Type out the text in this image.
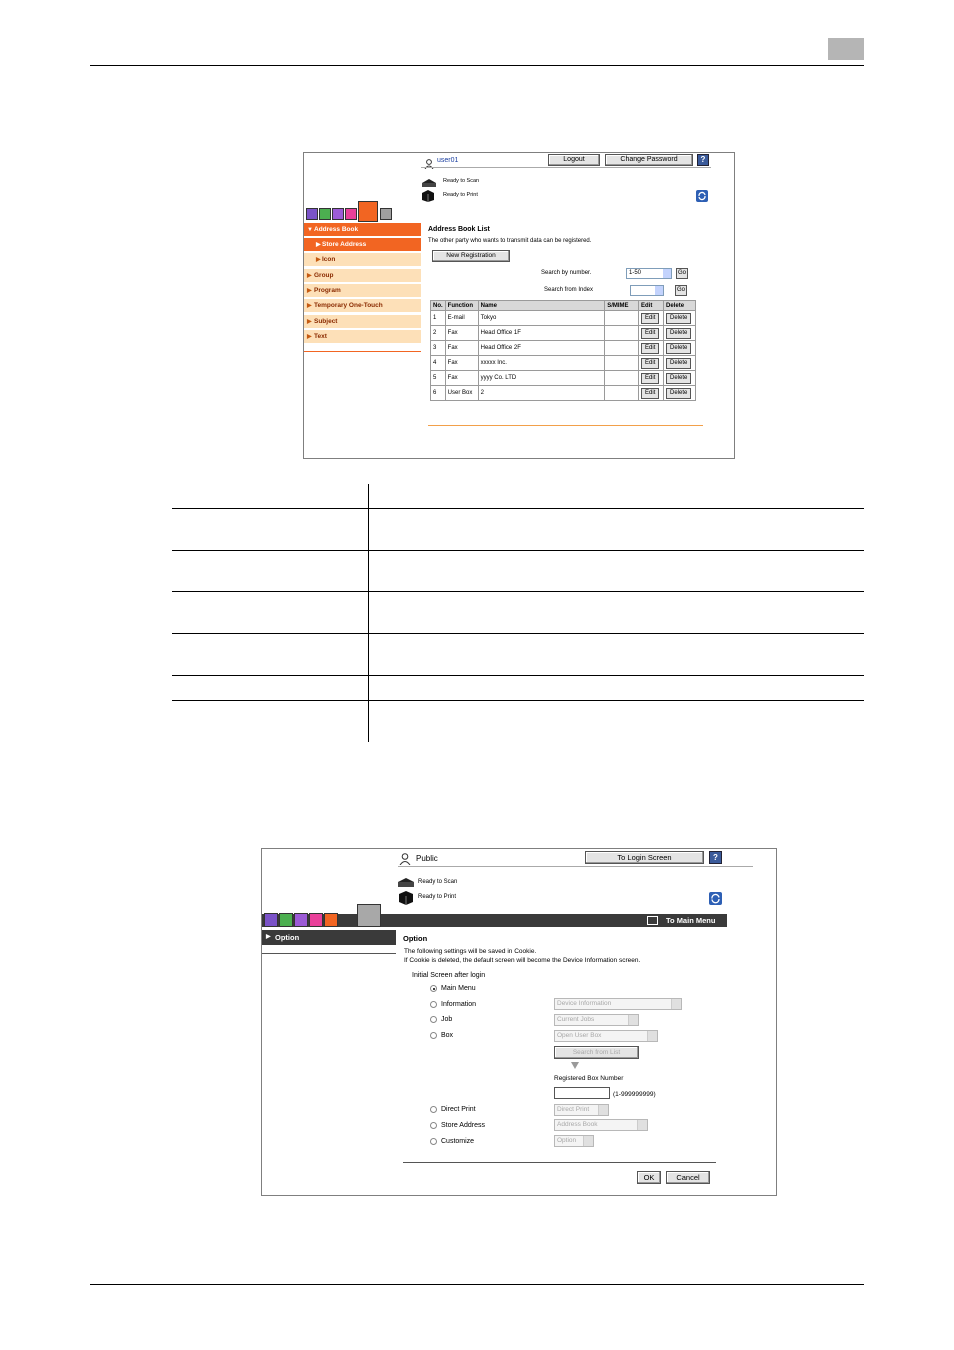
user01	Logout	Change Password	?
Ready to Scan
Ready to Print
To Main Menu
▼ Address Book
▶ Store Address
▶ Icon
▶ Group
▶ Program
▶ Temporary One-Touch
▶ Subject
▶ Text
Address Book List
The other party who wants to transmit data can be registered.
New Registration
Search by number.	1-50	Go
Search from Index	Go
No.	Function	Name	S/MIME	Edit	Delete
1	E-mail	Tokyo		Edit	Delete
2	Fax	Head Office 1F		Edit	Delete
3	Fax	Head Office 2F		Edit	Delete
4	Fax	xxxxx Inc.		Edit	Delete
5	Fax	yyyy Co. LTD		Edit	Delete
6	User Box	2		Edit	Delete
Public	To Login Screen	?
Ready to Scan
Ready to Print
To Main Menu
▶ Option	Option
The following settings will be saved in Cookie.
If Cookie is deleted, the default screen will become the Device Information screen.
Initial Screen after login
Main Menu
Information	Device Information
Job	Current Jobs
Box	Open User Box
Search from List
Registered Box Number
(1-999999999)
Direct Print	Direct Print
Store Address	Address Book
Customize	Option
OK	Cancel
